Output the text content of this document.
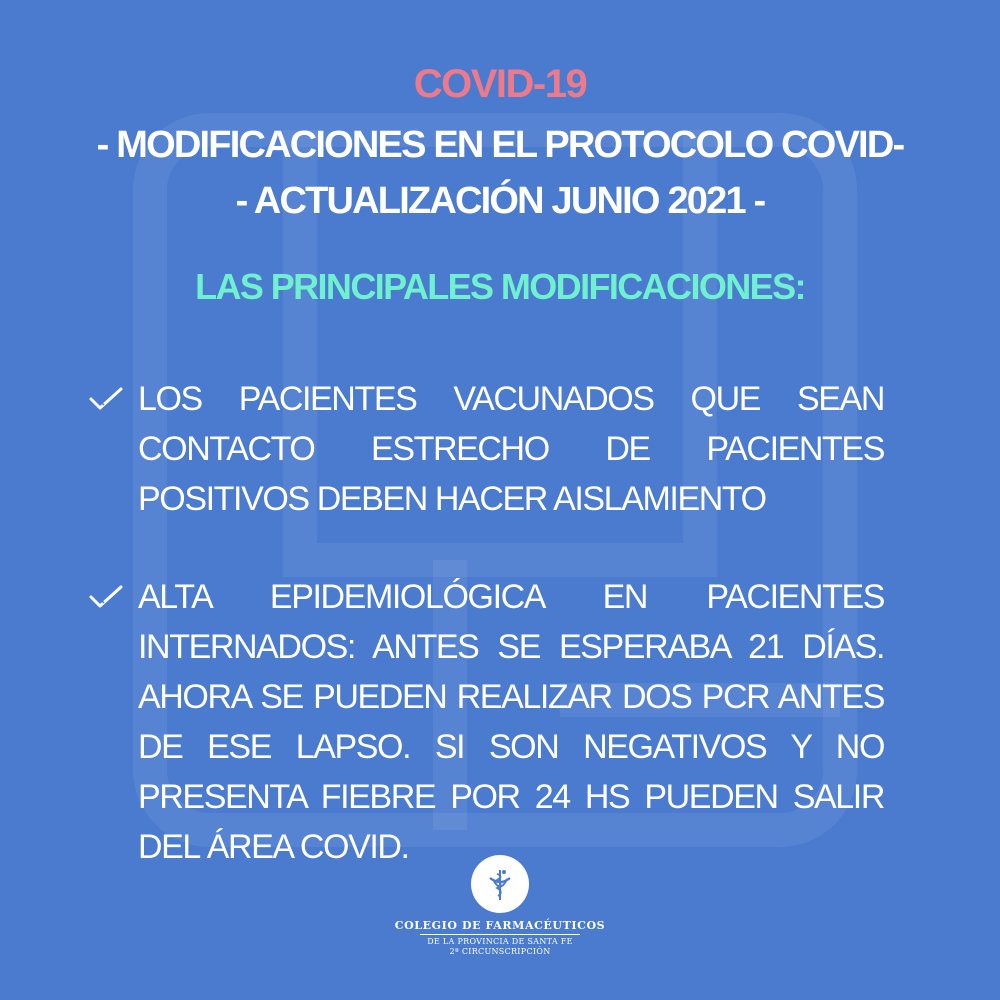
COVID-19
- MODIFICACIONES EN EL PROTOCOLO COVID-
- ACTUALIZACIÓN JUNIO 2021 -
LAS PRINCIPALES MODIFICACIONES:
LOS PACIENTES VACUNADOS QUE SEAN CONTACTO ESTRECHO DE PACIENTES POSITIVOS DEBEN HACER AISLAMIENTO
ALTA EPIDEMIOLÓGICA EN PACIENTES INTERNADOS: ANTES SE ESPERABA 21 DÍAS. AHORA SE PUEDEN REALIZAR DOS PCR ANTES DE ESE LAPSO. SI SON NEGATIVOS Y NO PRESENTA FIEBRE POR 24 HS PUEDEN SALIR DEL ÁREA COVID.
COLEGIO DE FARMACÉUTICOS
DE LA PROVINCIA DE SANTA FE
2ª CIRCUNSCRIPCIÓN
